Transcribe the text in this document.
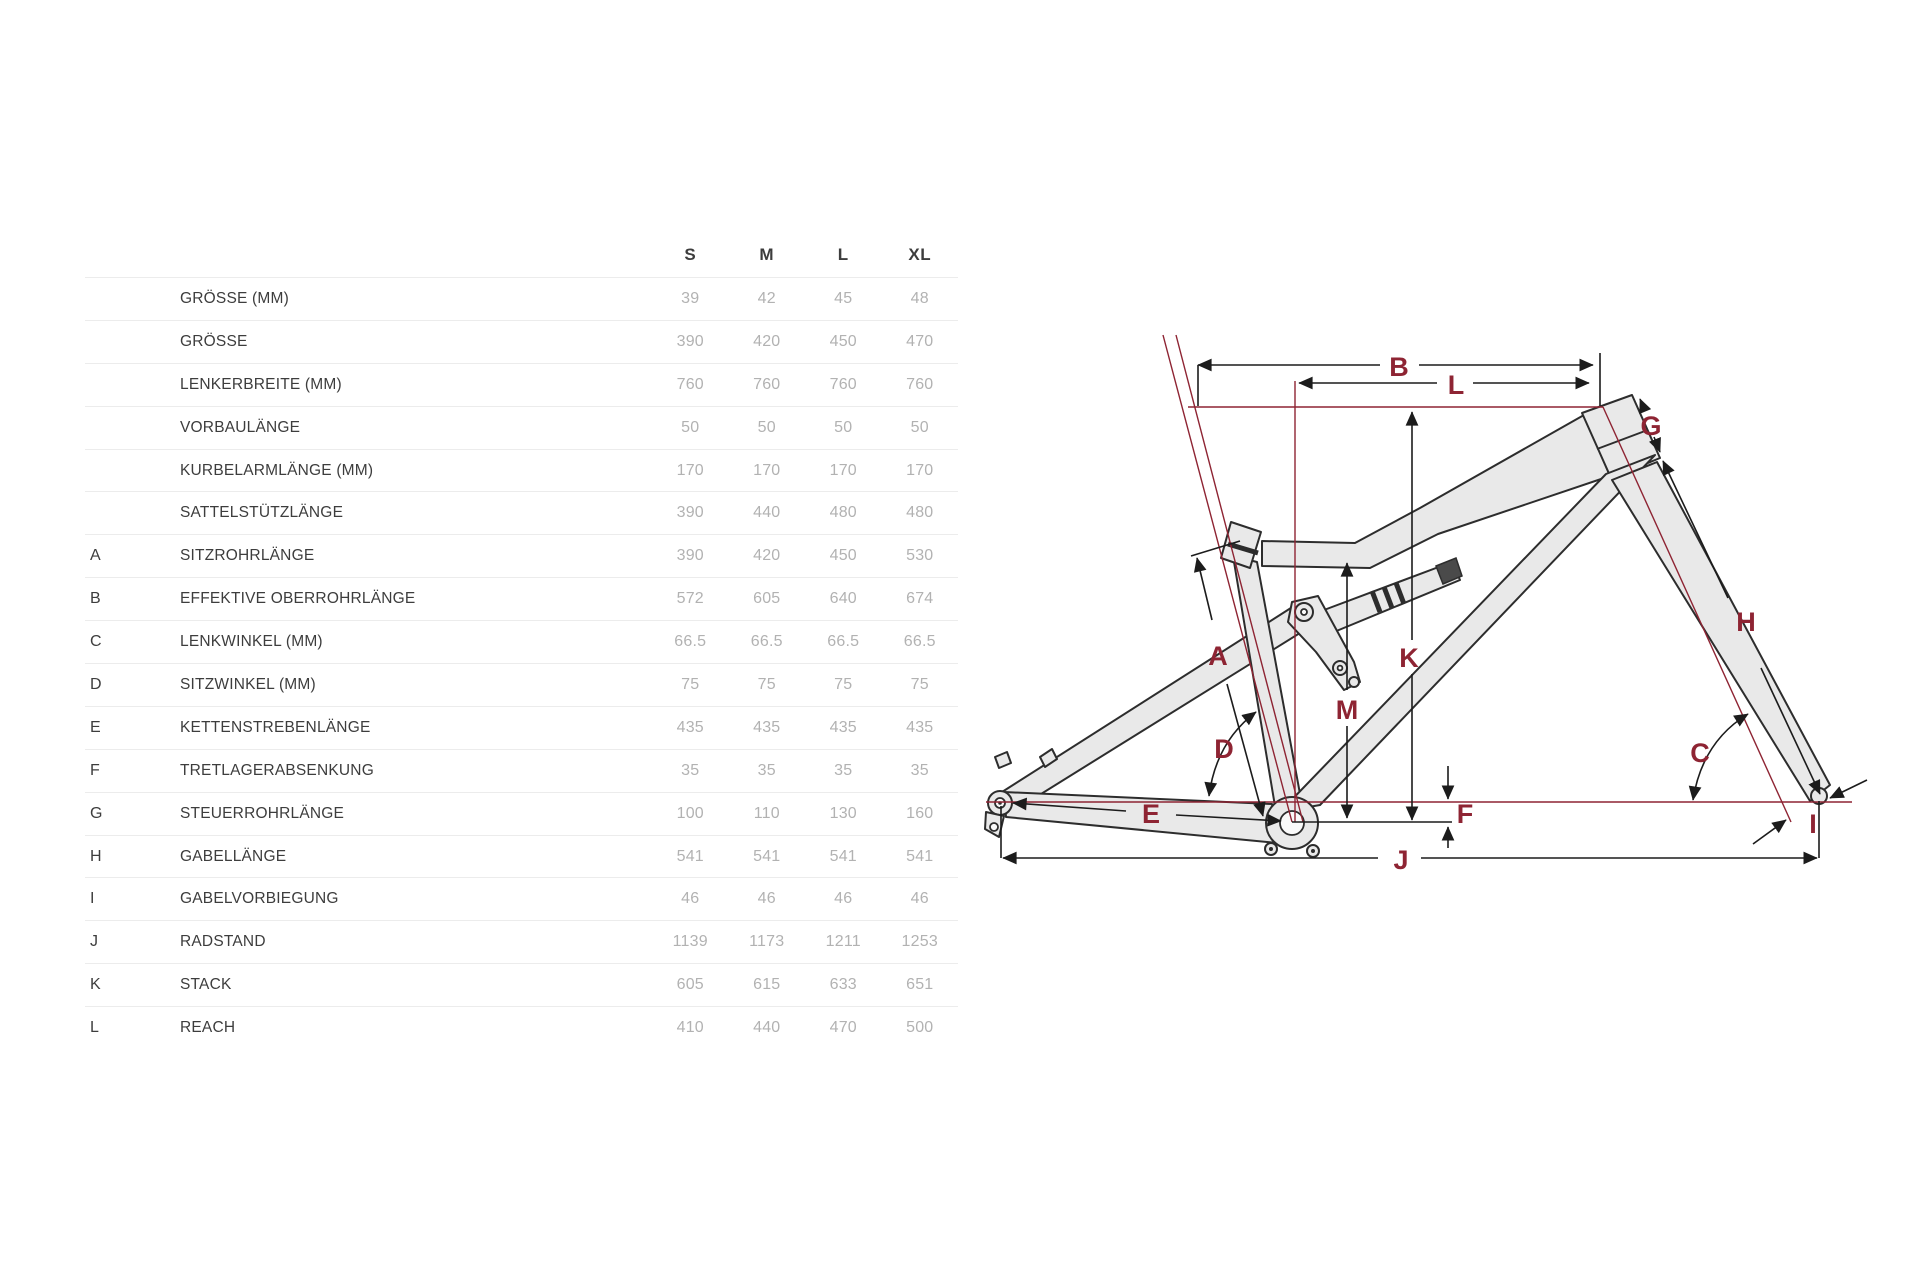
S	M	L	XL
GRÖSSE (MM)	39	42	45	48
GRÖSSE	390	420	450	470
LENKERBREITE (MM)	760	760	760	760
VORBAULÄNGE	50	50	50	50
KURBELARMLÄNGE (MM)	170	170	170	170
SATTELSTÜTZLÄNGE	390	440	480	480
A	SITZROHRLÄNGE	390	420	450	530
B	EFFEKTIVE OBERROHRLÄNGE	572	605	640	674
C	LENKWINKEL (MM)	66.5	66.5	66.5	66.5
D	SITZWINKEL (MM)	75	75	75	75
E	KETTENSTREBENLÄNGE	435	435	435	435
F	TRETLAGERABSENKUNG	35	35	35	35
G	STEUERROHRLÄNGE	100	110	130	160
H	GABELLÄNGE	541	541	541	541
I	GABELVORBIEGUNG	46	46	46	46
J	RADSTAND	1139	1173	1211	1253
K	STACK	605	615	633	651
L	REACH	410	440	470	500
A
B
C
D
E	F
G
H
I
J
K
L
M
